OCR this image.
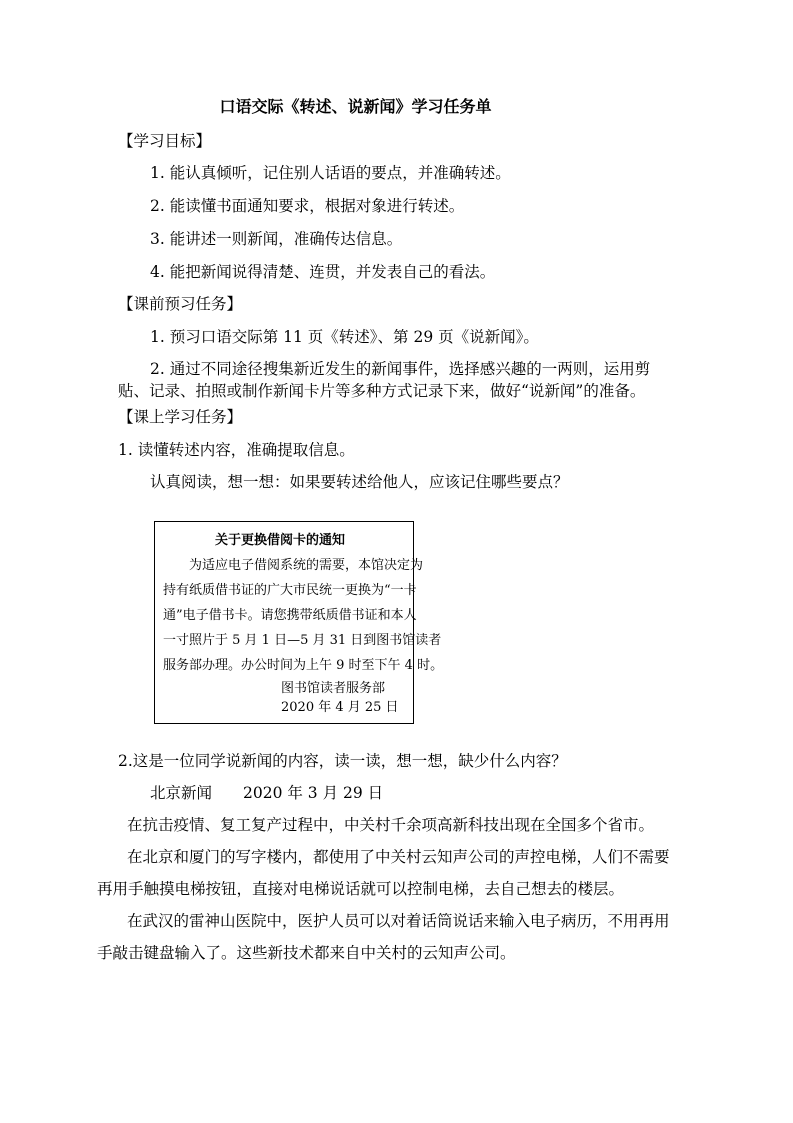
口语交际《转述、说新闻》学习任务单
【学习目标】
1. 能认真倾听，记住别人话语的要点，并准确转述。
2. 能读懂书面通知要求，根据对象进行转述。
3. 能讲述一则新闻，准确传达信息。
4. 能把新闻说得清楚、连贯，并发表自己的看法。
【课前预习任务】
1. 预习口语交际第 11 页《转述》、第 29 页《说新闻》。
2. 通过不同途径搜集新近发生的新闻事件，选择感兴趣的一两则，运用剪
贴、记录、拍照或制作新闻卡片等多种方式记录下来，做好“说新闻”的准备。
【课上学习任务】
1. 读懂转述内容，准确提取信息。
认真阅读，想一想：如果要转述给他人，应该记住哪些要点？
关于更换借阅卡的通知
为适应电子借阅系统的需要，本馆决定为
持有纸质借书证的广大市民统一更换为“一卡
通”电子借书卡。请您携带纸质借书证和本人
一寸照片于 5 月 1 日—5 月 31 日到图书馆读者
服务部办理。办公时间为上午 9 时至下午 4 时。
图书馆读者服务部
2020 年 4 月 25 日
2.这是一位同学说新闻的内容，读一读，想一想，缺少什么内容？
北京新闻 2020 年 3 月 29 日
在抗击疫情、复工复产过程中，中关村千余项高新科技出现在全国多个省市。
在北京和厦门的写字楼内，都使用了中关村云知声公司的声控电梯，人们不需要
再用手触摸电梯按钮，直接对电梯说话就可以控制电梯，去自己想去的楼层。
在武汉的雷神山医院中，医护人员可以对着话筒说话来输入电子病历，不用再用
手敲击键盘输入了。这些新技术都来自中关村的云知声公司。
